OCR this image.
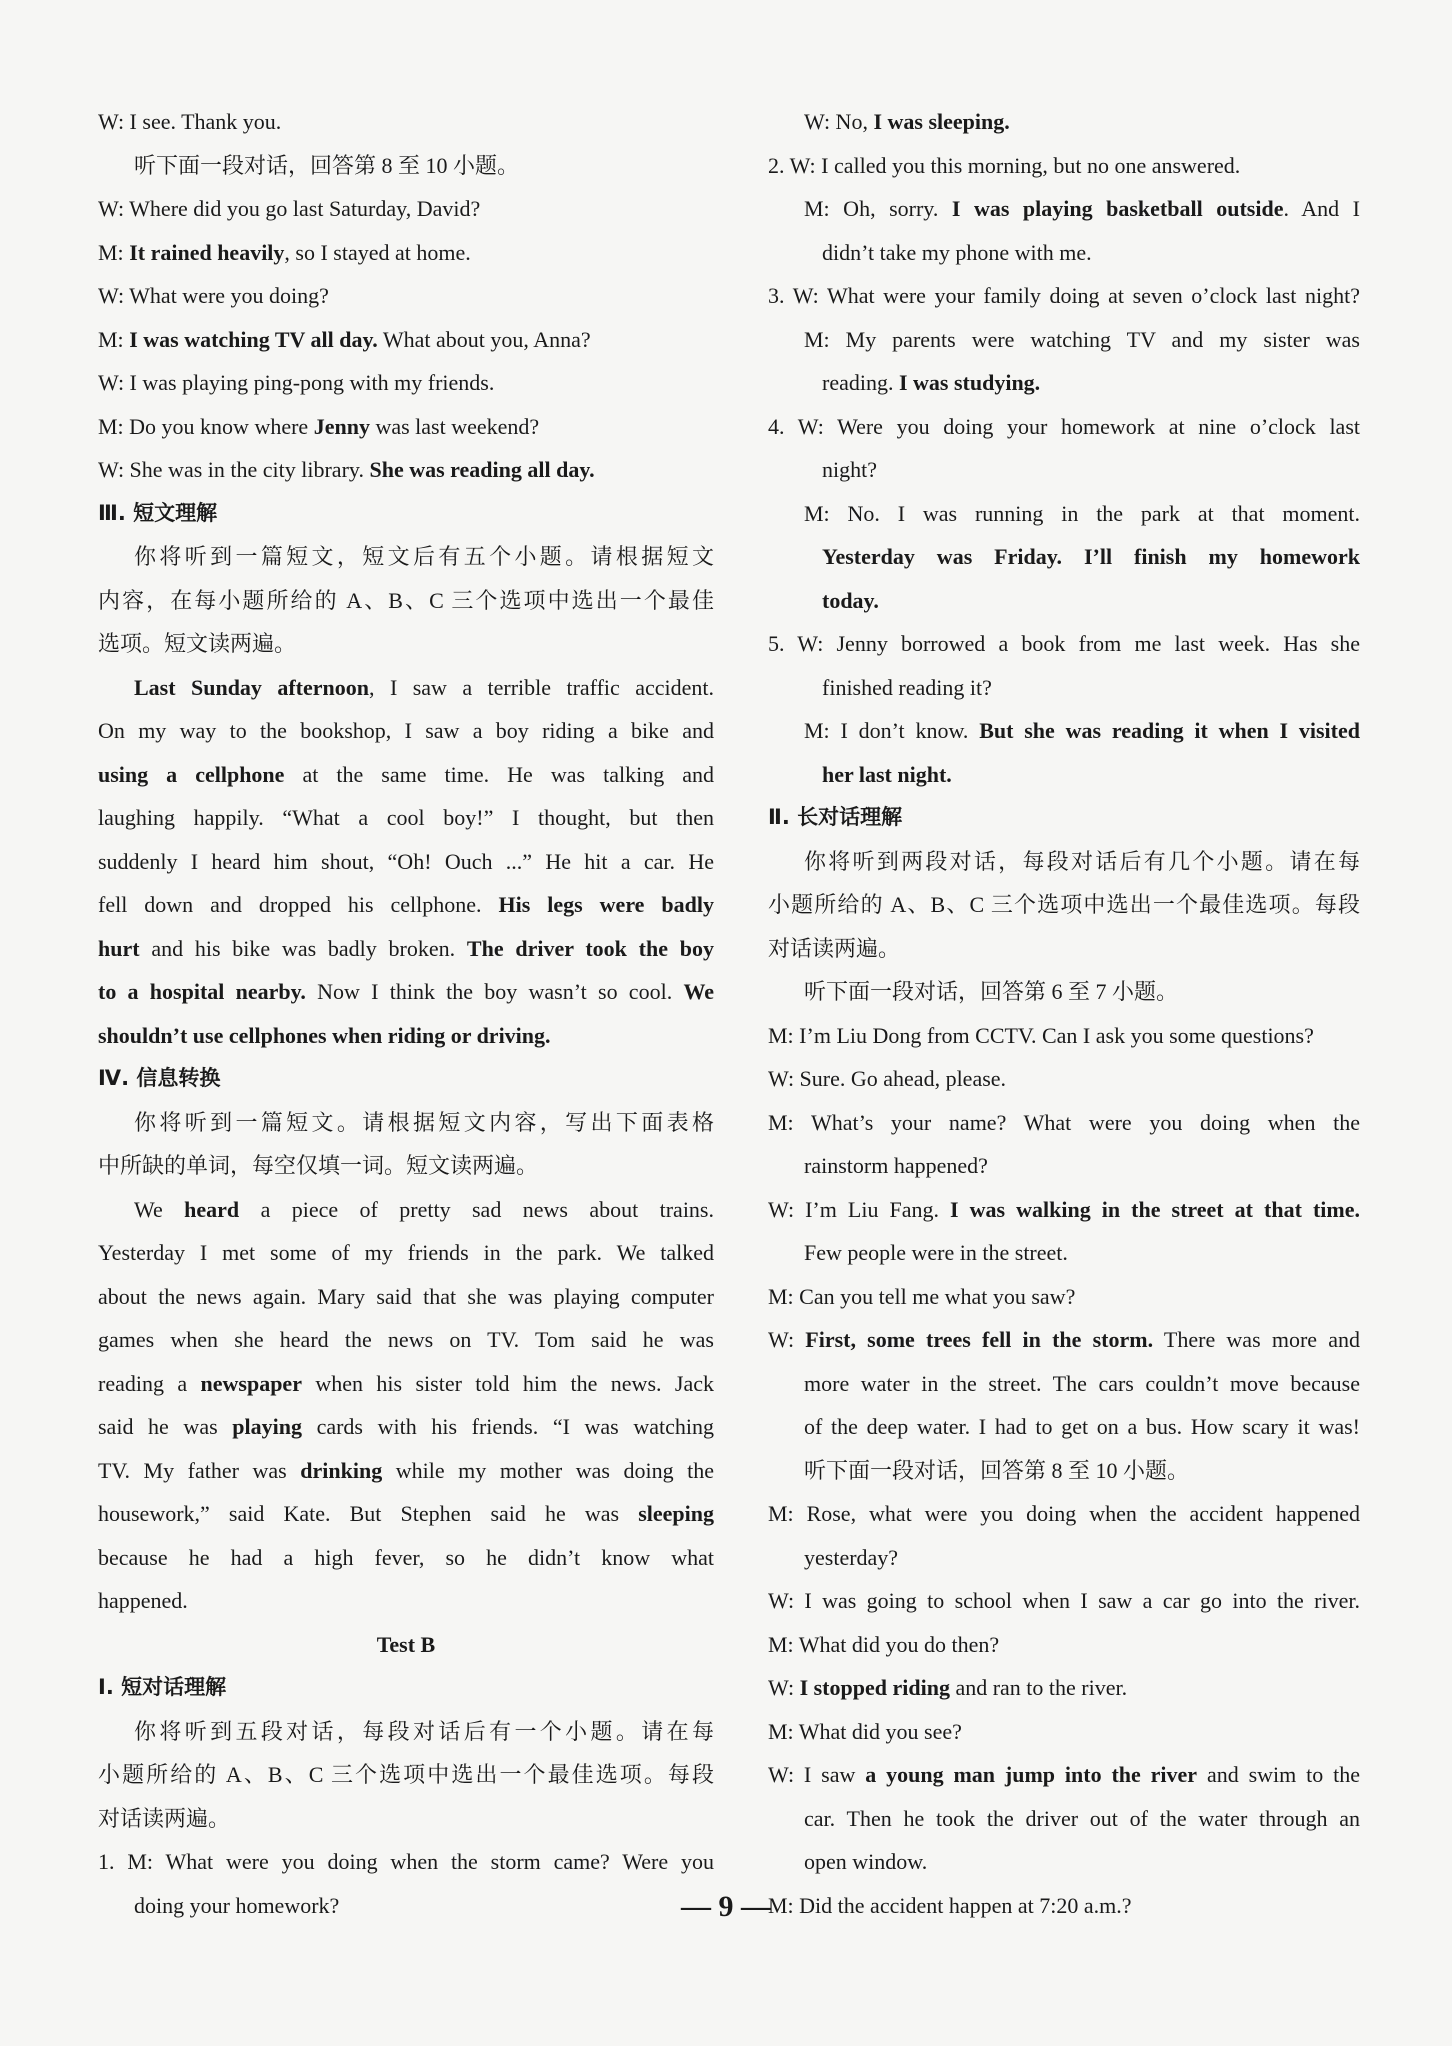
W: I see. Thank you.
听下面一段对话，回答第 8 至 10 小题。
W: Where did you go last Saturday, David?
M: It rained heavily, so I stayed at home.
W: What were you doing?
M: I was watching TV all day. What about you, Anna?
W: I was playing ping-pong with my friends.
M: Do you know where Jenny was last weekend?
W: She was in the city library. She was reading all day.
Ⅲ. 短文理解
你将听到一篇短文，短文后有五个小题。请根据短文
内容，在每小题所给的 A、B、C 三个选项中选出一个最佳
选项。短文读两遍。
Last Sunday afternoon, I saw a terrible traffic accident.
On my way to the bookshop, I saw a boy riding a bike and
using a cellphone at the same time. He was talking and
laughing happily. “What a cool boy!” I thought, but then
suddenly I heard him shout, “Oh! Ouch ...” He hit a car. He
fell down and dropped his cellphone. His legs were badly
hurt and his bike was badly broken. The driver took the boy
to a hospital nearby. Now I think the boy wasn’t so cool. We
shouldn’t use cellphones when riding or driving.
Ⅳ. 信息转换
你将听到一篇短文。请根据短文内容，写出下面表格
中所缺的单词，每空仅填一词。短文读两遍。
We heard a piece of pretty sad news about trains.
Yesterday I met some of my friends in the park. We talked
about the news again. Mary said that she was playing computer
games when she heard the news on TV. Tom said he was
reading a newspaper when his sister told him the news. Jack
said he was playing cards with his friends. “I was watching
TV. My father was drinking while my mother was doing the
housework,” said Kate. But Stephen said he was sleeping
because he had a high fever, so he didn’t know what
happened.
Test B
Ⅰ. 短对话理解
你将听到五段对话，每段对话后有一个小题。请在每
小题所给的 A、B、C 三个选项中选出一个最佳选项。每段
对话读两遍。
1. M: What were you doing when the storm came? Were you
doing your homework?
W: No, I was sleeping.
2. W: I called you this morning, but no one answered.
M: Oh, sorry. I was playing basketball outside. And I
didn’t take my phone with me.
3. W: What were your family doing at seven o’clock last night?
M: My parents were watching TV and my sister was
reading. I was studying.
4. W: Were you doing your homework at nine o’clock last
night?
M: No. I was running in the park at that moment.
Yesterday was Friday. I’ll finish my homework
today.
5. W: Jenny borrowed a book from me last week. Has she
finished reading it?
M: I don’t know. But she was reading it when I visited
her last night.
Ⅱ. 长对话理解
你将听到两段对话，每段对话后有几个小题。请在每
小题所给的 A、B、C 三个选项中选出一个最佳选项。每段
对话读两遍。
听下面一段对话，回答第 6 至 7 小题。
M: I’m Liu Dong from CCTV. Can I ask you some questions?
W: Sure. Go ahead, please.
M: What’s your name? What were you doing when the
rainstorm happened?
W: I’m Liu Fang. I was walking in the street at that time.
Few people were in the street.
M: Can you tell me what you saw?
W: First, some trees fell in the storm. There was more and
more water in the street. The cars couldn’t move because
of the deep water. I had to get on a bus. How scary it was!
听下面一段对话，回答第 8 至 10 小题。
M: Rose, what were you doing when the accident happened
yesterday?
W: I was going to school when I saw a car go into the river.
M: What did you do then?
W: I stopped riding and ran to the river.
M: What did you see?
W: I saw a young man jump into the river and swim to the
car. Then he took the driver out of the water through an
open window.
M: Did the accident happen at 7:20 a.m.?
— 9 —
